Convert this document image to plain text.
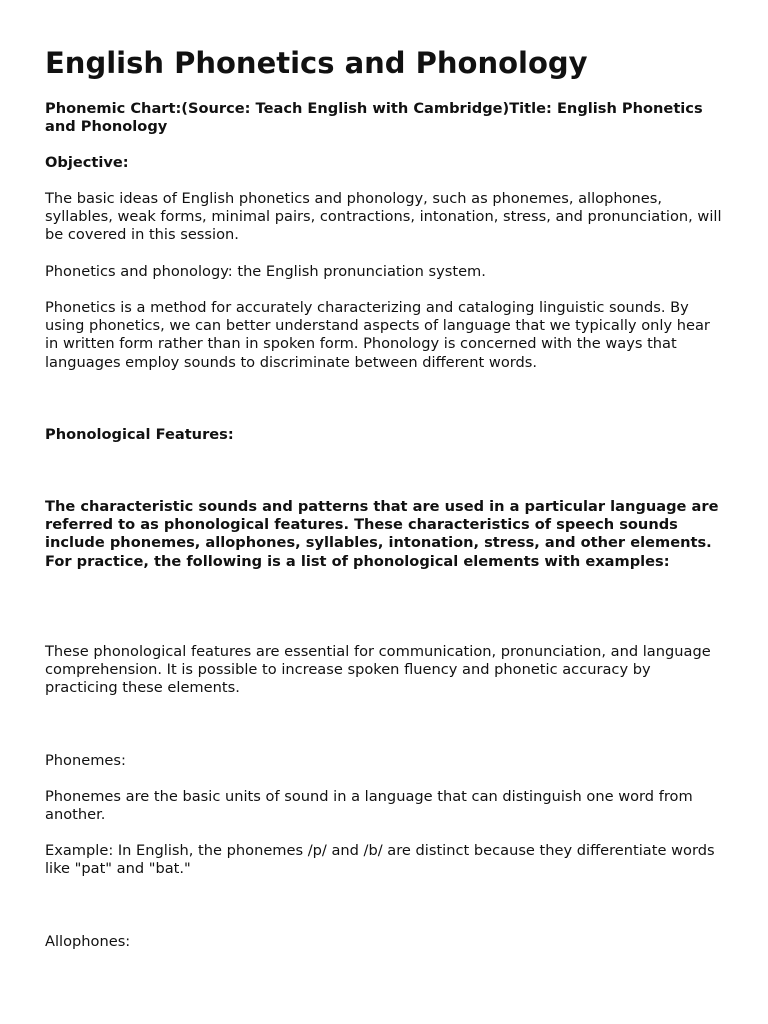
English Phonetics and Phonology

Phonemic Chart:(Source: Teach English with Cambridge)Title: English Phonetics and Phonology

Objective:

The basic ideas of English phonetics and phonology, such as phonemes, allophones, syllables, weak forms, minimal pairs, contractions, intonation, stress, and pronunciation, will be covered in this session.

Phonetics and phonology: the English pronunciation system.

Phonetics is a method for accurately characterizing and cataloging linguistic sounds. By using phonetics, we can better understand aspects of language that we typically only hear in written form rather than in spoken form. Phonology is concerned with the ways that languages employ sounds to discriminate between different words.

Phonological Features:

The characteristic sounds and patterns that are used in a particular language are referred to as phonological features. These characteristics of speech sounds include phonemes, allophones, syllables, intonation, stress, and other elements. For practice, the following is a list of phonological elements with examples:

These phonological features are essential for communication, pronunciation, and language comprehension. It is possible to increase spoken fluency and phonetic accuracy by practicing these elements.

Phonemes:

Phonemes are the basic units of sound in a language that can distinguish one word from another.

Example: In English, the phonemes /p/ and /b/ are distinct because they differentiate words like "pat" and "bat."

Allophones:
